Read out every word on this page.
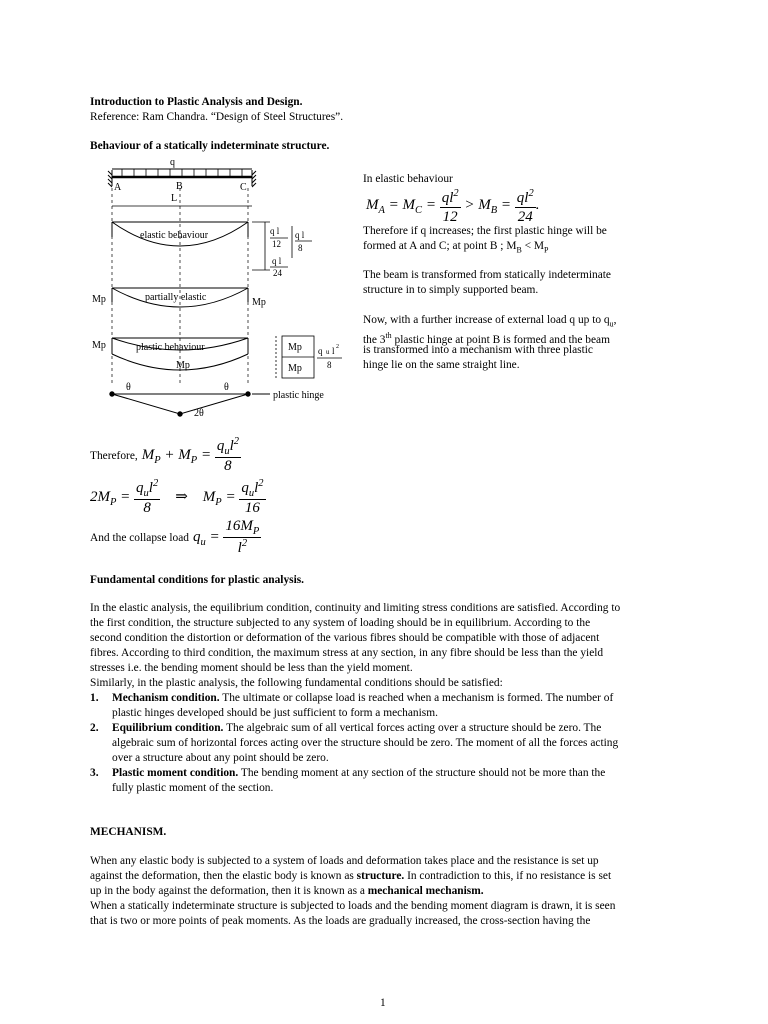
Introduction to Plastic Analysis and Design.
Reference: Ram Chandra. “Design of Steel Structures”.
Behaviour of a statically indeterminate structure.
q
A	B	C
L
elastic behaviour
partially elastic
Mp	Mp
plastic behaviour
Mp
Mp
q l
12
q l
24
q l
8
Mp
Mp
q u l 2
8
θ	θ
2θ
plastic hinge
In elastic behaviour
$M_A = M_C = \frac{ql^2}{12} > M_B = \frac{ql^2}{24}$ .
Therefore if q increases; the first plastic hinge will be
formed at A and C; at point B ; $M_B < M_P$
The beam is transformed from statically indeterminate
structure in to simply supported beam.
Now, with a further increase of external load q up to $q_u$,
the 3th plastic hinge at point B is formed and the beam
is transformed into a mechanism with three plastic
hinge lie on the same straight line.
Therefore, $M_P + M_P = \frac{q_ul^2}{8}$
$2M_P = \frac{q_ul^2}{8}$ ⇒    $M_P = \frac{q_ul^2}{16}$
And the collapse load $q_u = \frac{16M_P}{l^2}$
Fundamental conditions for plastic analysis.

In the elastic analysis, the equilibrium condition, continuity and limiting stress conditions are satisfied. According to

the first condition, the structure subjected to any system of loading should be in equilibrium. According to the

second condition the distortion or deformation of the various fibres should be compatible with those of adjacent

fibres. According to third condition, the maximum stress at any section, in any fibre should be less than the yield

stresses i.e. the bending moment should be less than the yield moment.

Similarly, in the plastic analysis, the following fundamental conditions should be satisfied:

1. Mechanism condition. The ultimate or collapse load is reached when a mechanism is formed. The number of

plastic hinges developed should be just sufficient to form a mechanism.

2. Equilibrium condition. The algebraic sum of all vertical forces acting over a structure should be zero. The

algebraic sum of horizontal forces acting over the structure should be zero. The moment of all the forces acting

over a structure about any point should be zero.

3. Plastic moment condition. The bending moment at any section of the structure should not be more than the

fully plastic moment of the section.

MECHANISM.

When any elastic body is subjected to a system of loads and deformation takes place and the resistance is set up

against the deformation, then the elastic body is known as structure. In contradiction to this, if no resistance is set

up in the body against the deformation, then it is known as a mechanical mechanism.

When a statically indeterminate structure is subjected to loads and the bending moment diagram is drawn, it is seen

that is two or more points of peak moments. As the loads are gradually increased, the cross-section having the

1
